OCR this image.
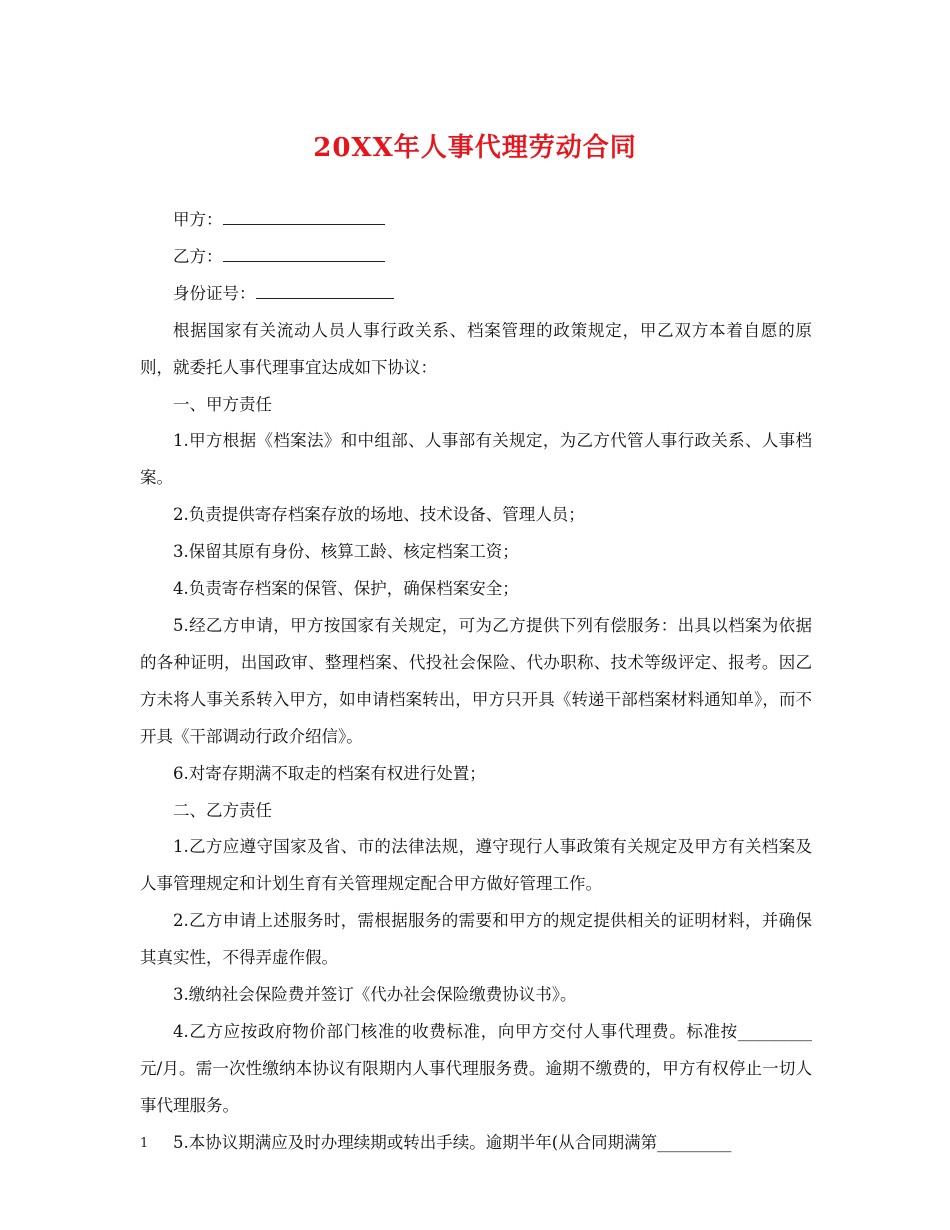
20XX年人事代理劳动合同
甲方：
乙方：
身份证号：

根据国家有关流动人员人事行政关系、档案管理的政策规定，甲乙双方本着自愿的原则，就委托人事代理事宜达成如下协议：

一、甲方责任

1.甲方根据《档案法》和中组部、人事部有关规定，为乙方代管人事行政关系、人事档案。

2.负责提供寄存档案存放的场地、技术设备、管理人员；

3.保留其原有身份、核算工龄、核定档案工资；

4.负责寄存档案的保管、保护，确保档案安全；

5.经乙方申请，甲方按国家有关规定，可为乙方提供下列有偿服务：出具以档案为依据的各种证明，出国政审、整理档案、代投社会保险、代办职称、技术等级评定、报考。因乙方未将人事关系转入甲方，如申请档案转出，甲方只开具《转递干部档案材料通知单》，而不开具《干部调动行政介绍信》。

6.对寄存期满不取走的档案有权进行处置；

二、乙方责任

1.乙方应遵守国家及省、市的法律法规，遵守现行人事政策有关规定及甲方有关档案及人事管理规定和计划生育有关管理规定配合甲方做好管理工作。

2.乙方申请上述服务时，需根据服务的需要和甲方的规定提供相关的证明材料，并确保其真实性，不得弄虚作假。

3.缴纳社会保险费并签订《代办社会保险缴费协议书》。

4.乙方应按政府物价部门核准的收费标准，向甲方交付人事代理费。标准按_________元/月。需一次性缴纳本协议有限期内人事代理服务费。逾期不缴费的，甲方有权停止一切人事代理服务。

5.本协议期满应及时办理续期或转出手续。逾期半年(从合同期满第_________

1
